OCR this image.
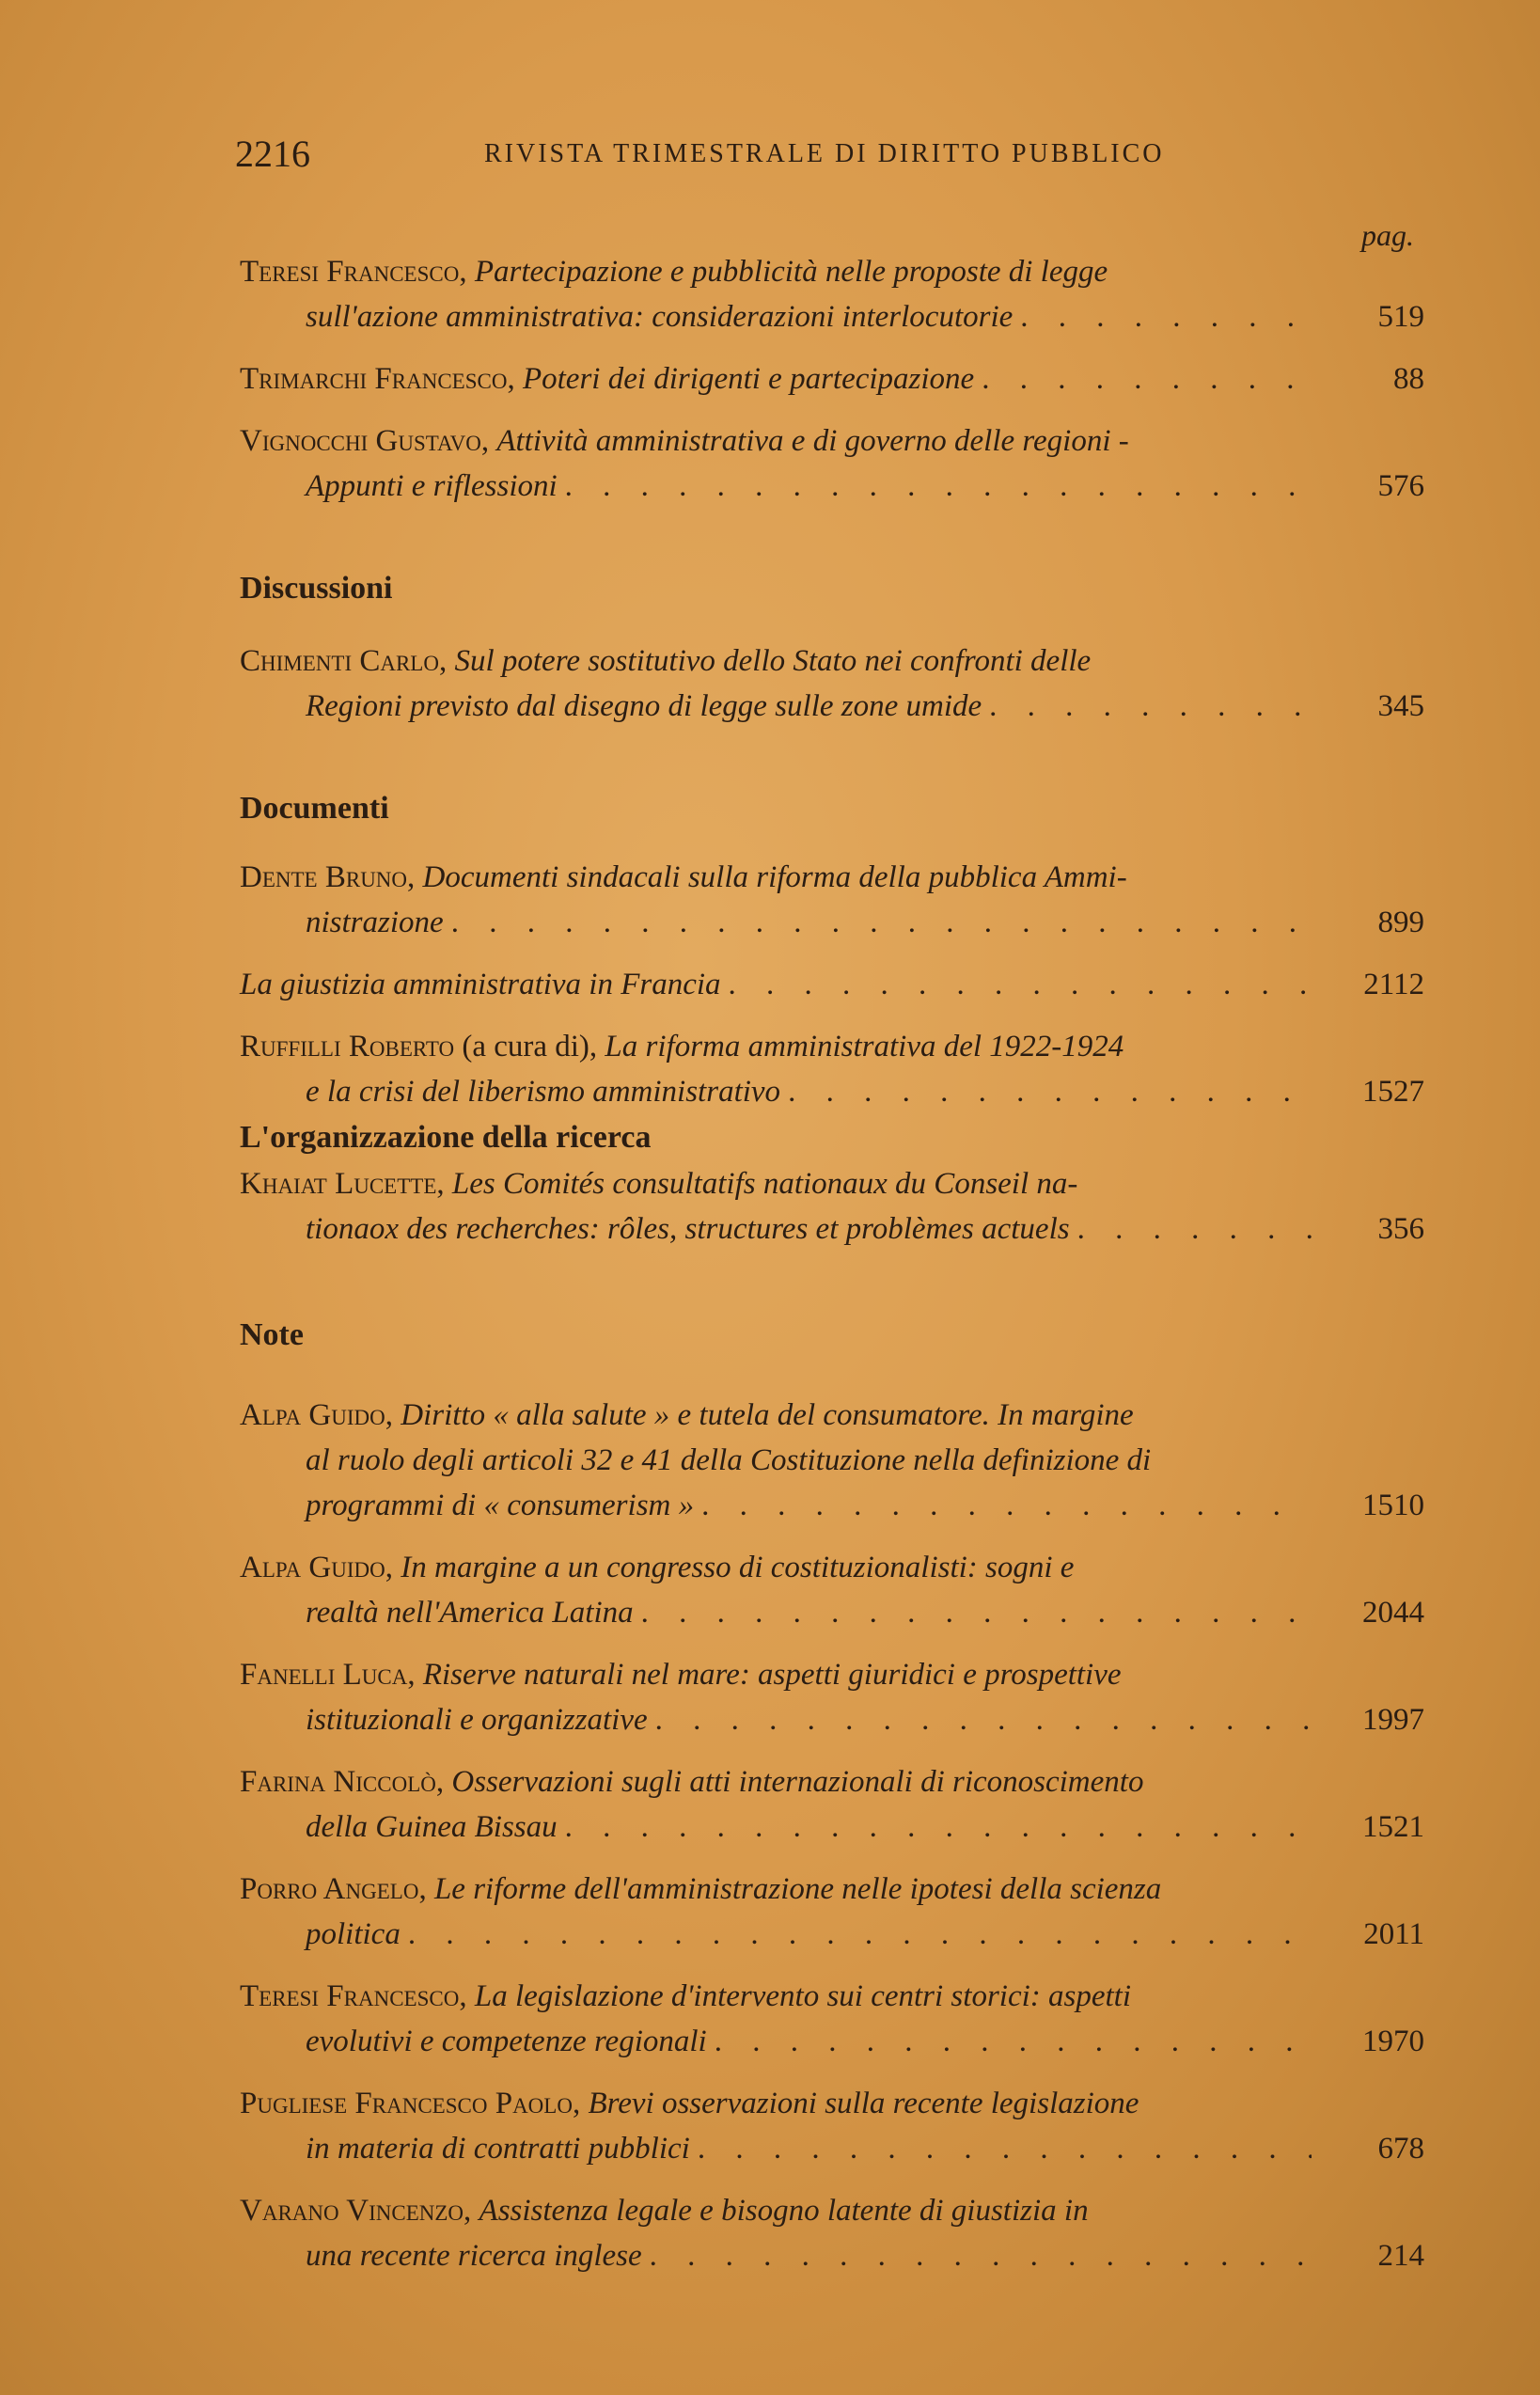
2216	RIVISTA TRIMESTRALE DI DIRITTO PUBBLICO
pag.
Teresi Francesco, Partecipazione e pubblicità nelle proposte di legge
sull'azione amministrativa: considerazioni interlocutorie . . .	519
Trimarchi Francesco, Poteri dei dirigenti e partecipazione . . .	88
Vignocchi Gustavo, Attività amministrativa e di governo delle regioni -
Appunti e riflessioni . . .	576
Discussioni
Chimenti Carlo, Sul potere sostitutivo dello Stato nei confronti delle
Regioni previsto dal disegno di legge sulle zone umide . . .	345
Documenti
Dente Bruno, Documenti sindacali sulla riforma della pubblica Ammi-
nistrazione . . .	899
La giustizia amministrativa in Francia . . .	2112
Ruffilli Roberto (a cura di), La riforma amministrativa del 1922-1924
e la crisi del liberismo amministrativo . . .	1527
L'organizzazione della ricerca
Khaiat Lucette, Les Comités consultatifs nationaux du Conseil na-
tionaox des recherches: rôles, structures et problèmes actuels . . .	356
Note
Alpa Guido, Diritto « alla salute » e tutela del consumatore. In margine
al ruolo degli articoli 32 e 41 della Costituzione nella definizione di
programmi di « consumerism » . . .	1510
Alpa Guido, In margine a un congresso di costituzionalisti: sogni e
realtà nell'America Latina . . .	2044
Fanelli Luca, Riserve naturali nel mare: aspetti giuridici e prospettive
istituzionali e organizzative . . .	1997
Farina Niccolò, Osservazioni sugli atti internazionali di riconoscimento
della Guinea Bissau . . .	1521
Porro Angelo, Le riforme dell'amministrazione nelle ipotesi della scienza
politica . . .	2011
Teresi Francesco, La legislazione d'intervento sui centri storici: aspetti
evolutivi e competenze regionali . . .	1970
Pugliese Francesco Paolo, Brevi osservazioni sulla recente legislazione
in materia di contratti pubblici . . .	678
Varano Vincenzo, Assistenza legale e bisogno latente di giustizia in
una recente ricerca inglese . . .	214
